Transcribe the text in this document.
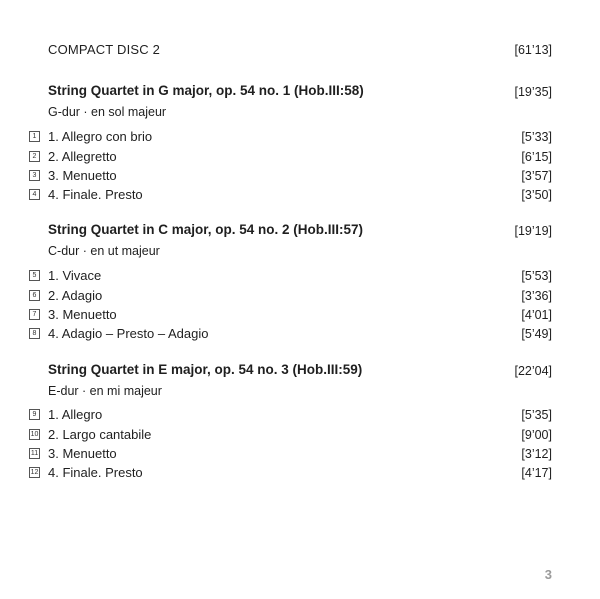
COMPACT DISC 2	[61’13]
String Quartet in G major, op. 54 no. 1 (Hob.III:58)	[19’35]
G-dur · en sol majeur
1 1. Allegro con brio	[5’33]
2 2. Allegretto	[6’15]
3 3. Menuetto	[3’57]
4 4. Finale. Presto	[3’50]
String Quartet in C major, op. 54 no. 2 (Hob.III:57)	[19’19]
C-dur · en ut majeur
5 1. Vivace	[5’53]
6 2. Adagio	[3’36]
7 3. Menuetto	[4’01]
8 4. Adagio – Presto – Adagio	[5’49]
String Quartet in E major, op. 54 no. 3 (Hob.III:59)	[22’04]
E-dur · en mi majeur
9 1. Allegro	[5’35]
10 2. Largo cantabile	[9’00]
11 3. Menuetto	[3’12]
12 4. Finale. Presto	[4’17]
3
